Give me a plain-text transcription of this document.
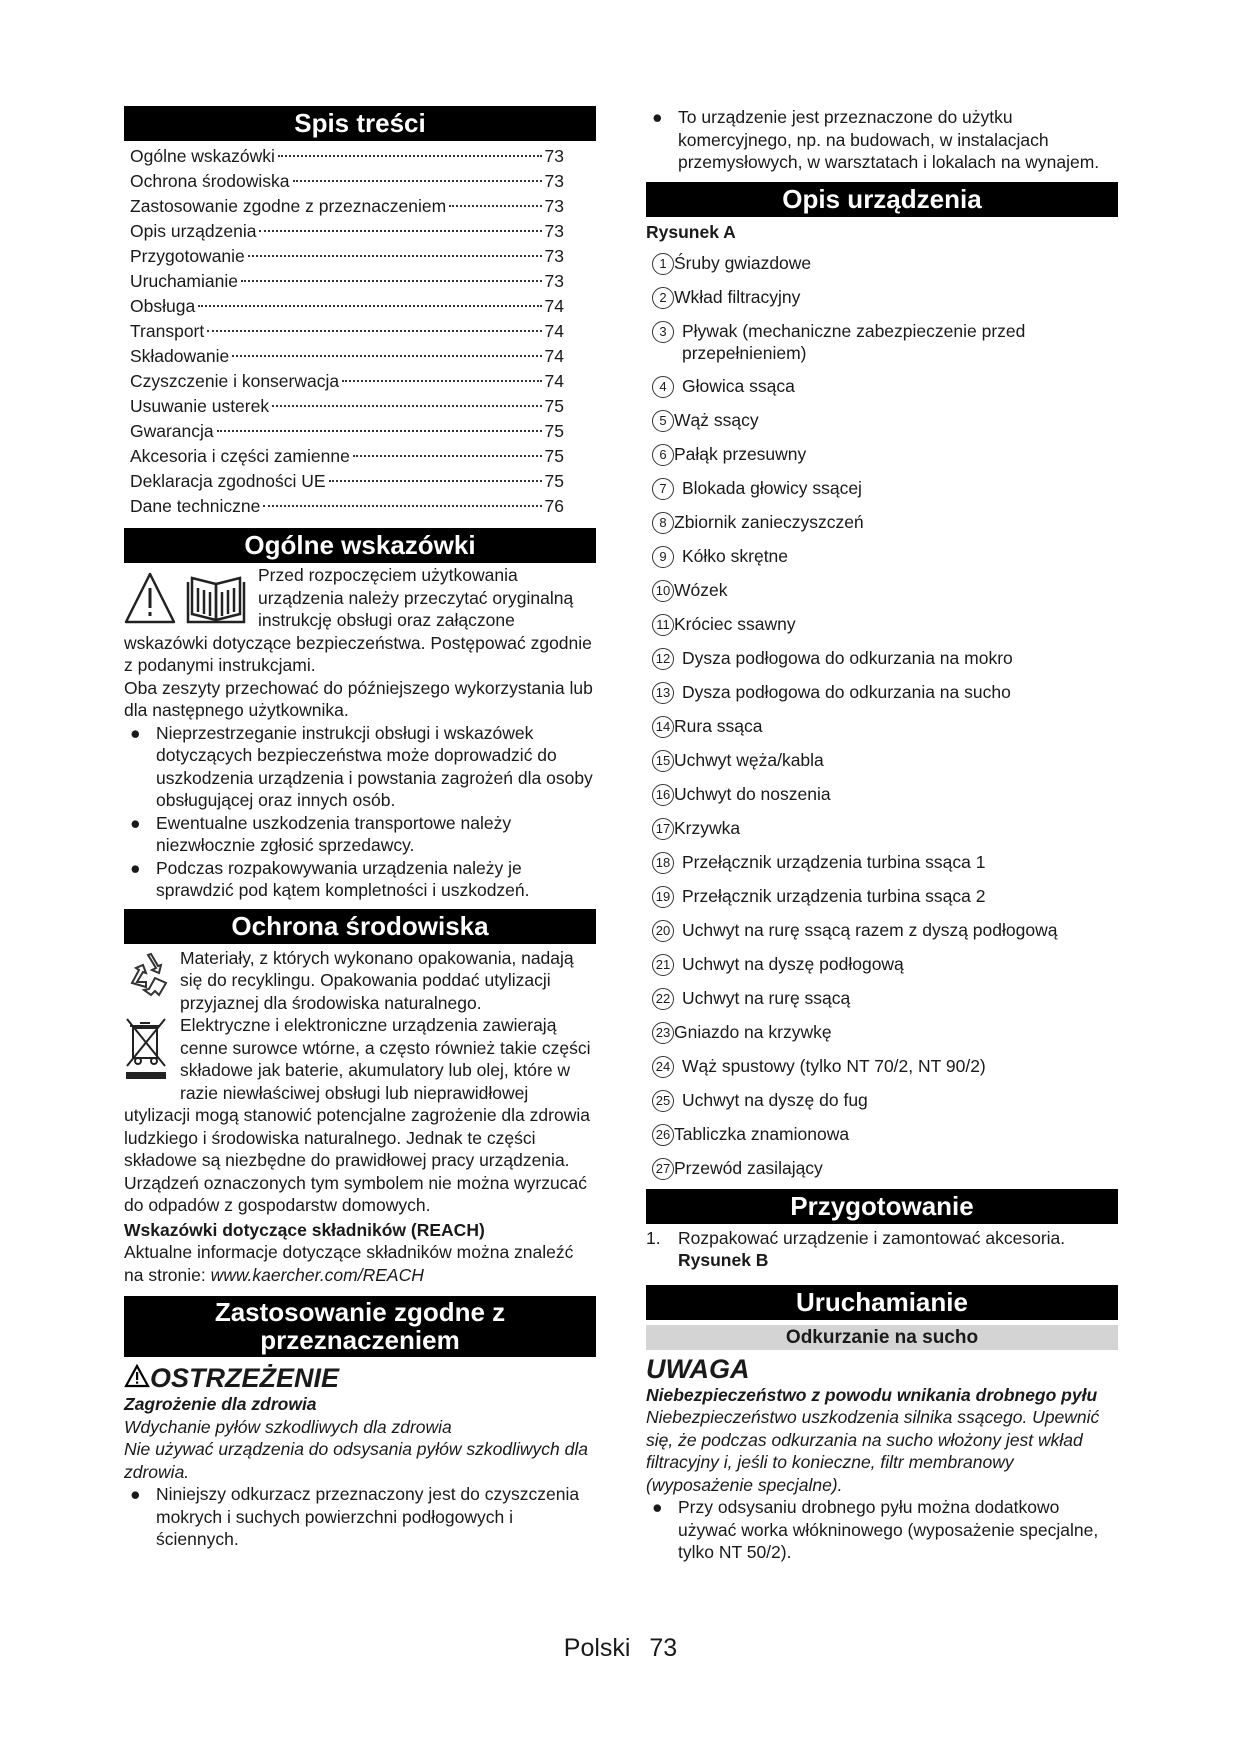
Spis treści
Ogólne wskazówki	73
Ochrona środowiska	73
Zastosowanie zgodne z przeznaczeniem	73
Opis urządzenia	73
Przygotowanie	73
Uruchamianie	73
Obsługa	74
Transport	74
Składowanie	74
Czyszczenie i konserwacja	74
Usuwanie usterek	75
Gwarancja	75
Akcesoria i części zamienne	75
Deklaracja zgodności UE	75
Dane techniczne	76
Ogólne wskazówki

Przed rozpoczęciem użytkowania urządzenia należy przeczytać oryginalną instrukcję obsługi oraz załączone wskazówki dotyczące bezpieczeństwa. Postępować zgodnie z podanymi instrukcjami.

Oba zeszyty przechować do późniejszego wykorzystania lub dla następnego użytkownika.

● Nieprzestrzeganie instrukcji obsługi i wskazówek dotyczących bezpieczeństwa może doprowadzić do uszkodzenia urządzenia i powstania zagrożeń dla osoby obsługującej oraz innych osób.
● Ewentualne uszkodzenia transportowe należy niezwłocznie zgłosić sprzedawcy.
● Podczas rozpakowywania urządzenia należy je sprawdzić pod kątem kompletności i uszkodzeń.
Ochrona środowiska
Materiały, z których wykonano opakowania, nadają się do recyklingu. Opakowania poddać utylizacji przyjaznej dla środowiska naturalnego.

Elektryczne i elektroniczne urządzenia zawierają cenne surowce wtórne, a często również takie części składowe jak baterie, akumulatory lub olej, które w razie niewłaściwej obsługi lub nieprawidłowej utylizacji mogą stanowić potencjalne zagrożenie dla zdrowia ludzkiego i środowiska naturalnego. Jednak te części składowe są niezbędne do prawidłowej pracy urządzenia. Urządzeń oznaczonych tym symbolem nie można wyrzucać do odpadów z gospodarstw domowych.

Wskazówki dotyczące składników (REACH)

Aktualne informacje dotyczące składników można znaleźć na stronie: www.kaercher.com/REACH

Zastosowanie zgodne z
przeznaczeniem
OSTRZEŻENIE

Zagrożenie dla zdrowia

Wdychanie pyłów szkodliwych dla zdrowia

Nie używać urządzenia do odsysania pyłów szkodliwych dla zdrowia.

● Niniejszy odkurzacz przeznaczony jest do czyszczenia mokrych i suchych powierzchni podłogowych i ściennych.
● To urządzenie jest przeznaczone do użytku komercyjnego, np. na budowach, w instalacjach przemysłowych, w warsztatach i lokalach na wynajem.
Opis urządzenia
Rysunek A
1 Śruby gwiazdowe
2 Wkład filtracyjny
3 Pływak (mechaniczne zabezpieczenie przed przepełnieniem)
4 Głowica ssąca
5 Wąż ssący
6 Pałąk przesuwny
7 Blokada głowicy ssącej
8 Zbiornik zanieczyszczeń
9 Kółko skrętne
10 Wózek
11 Króciec ssawny
12 Dysza podłogowa do odkurzania na mokro
13 Dysza podłogowa do odkurzania na sucho
14 Rura ssąca
15 Uchwyt węża/kabla
16 Uchwyt do noszenia
17 Krzywka
18 Przełącznik urządzenia turbina ssąca 1
19 Przełącznik urządzenia turbina ssąca 2
20 Uchwyt na rurę ssącą razem z dyszą podłogową
21 Uchwyt na dyszę podłogową
22 Uchwyt na rurę ssącą
23 Gniazdo na krzywkę
24 Wąż spustowy (tylko NT 70/2, NT 90/2)
25 Uchwyt na dyszę do fug
26 Tabliczka znamionowa
27 Przewód zasilający
Przygotowanie
1. Rozpakować urządzenie i zamontować akcesoria.

Rysunek B

Uruchamianie
Odkurzanie na sucho
UWAGA

Niebezpieczeństwo z powodu wnikania drobnego pyłu

Niebezpieczeństwo uszkodzenia silnika ssącego. Upewnić się, że podczas odkurzania na sucho włożony jest wkład filtracyjny i, jeśli to konieczne, filtr membranowy (wyposażenie specjalne).

● Przy odsysaniu drobnego pyłu można dodatkowo używać worka włókninowego (wyposażenie specjalne, tylko NT 50/2).
Polski 73
